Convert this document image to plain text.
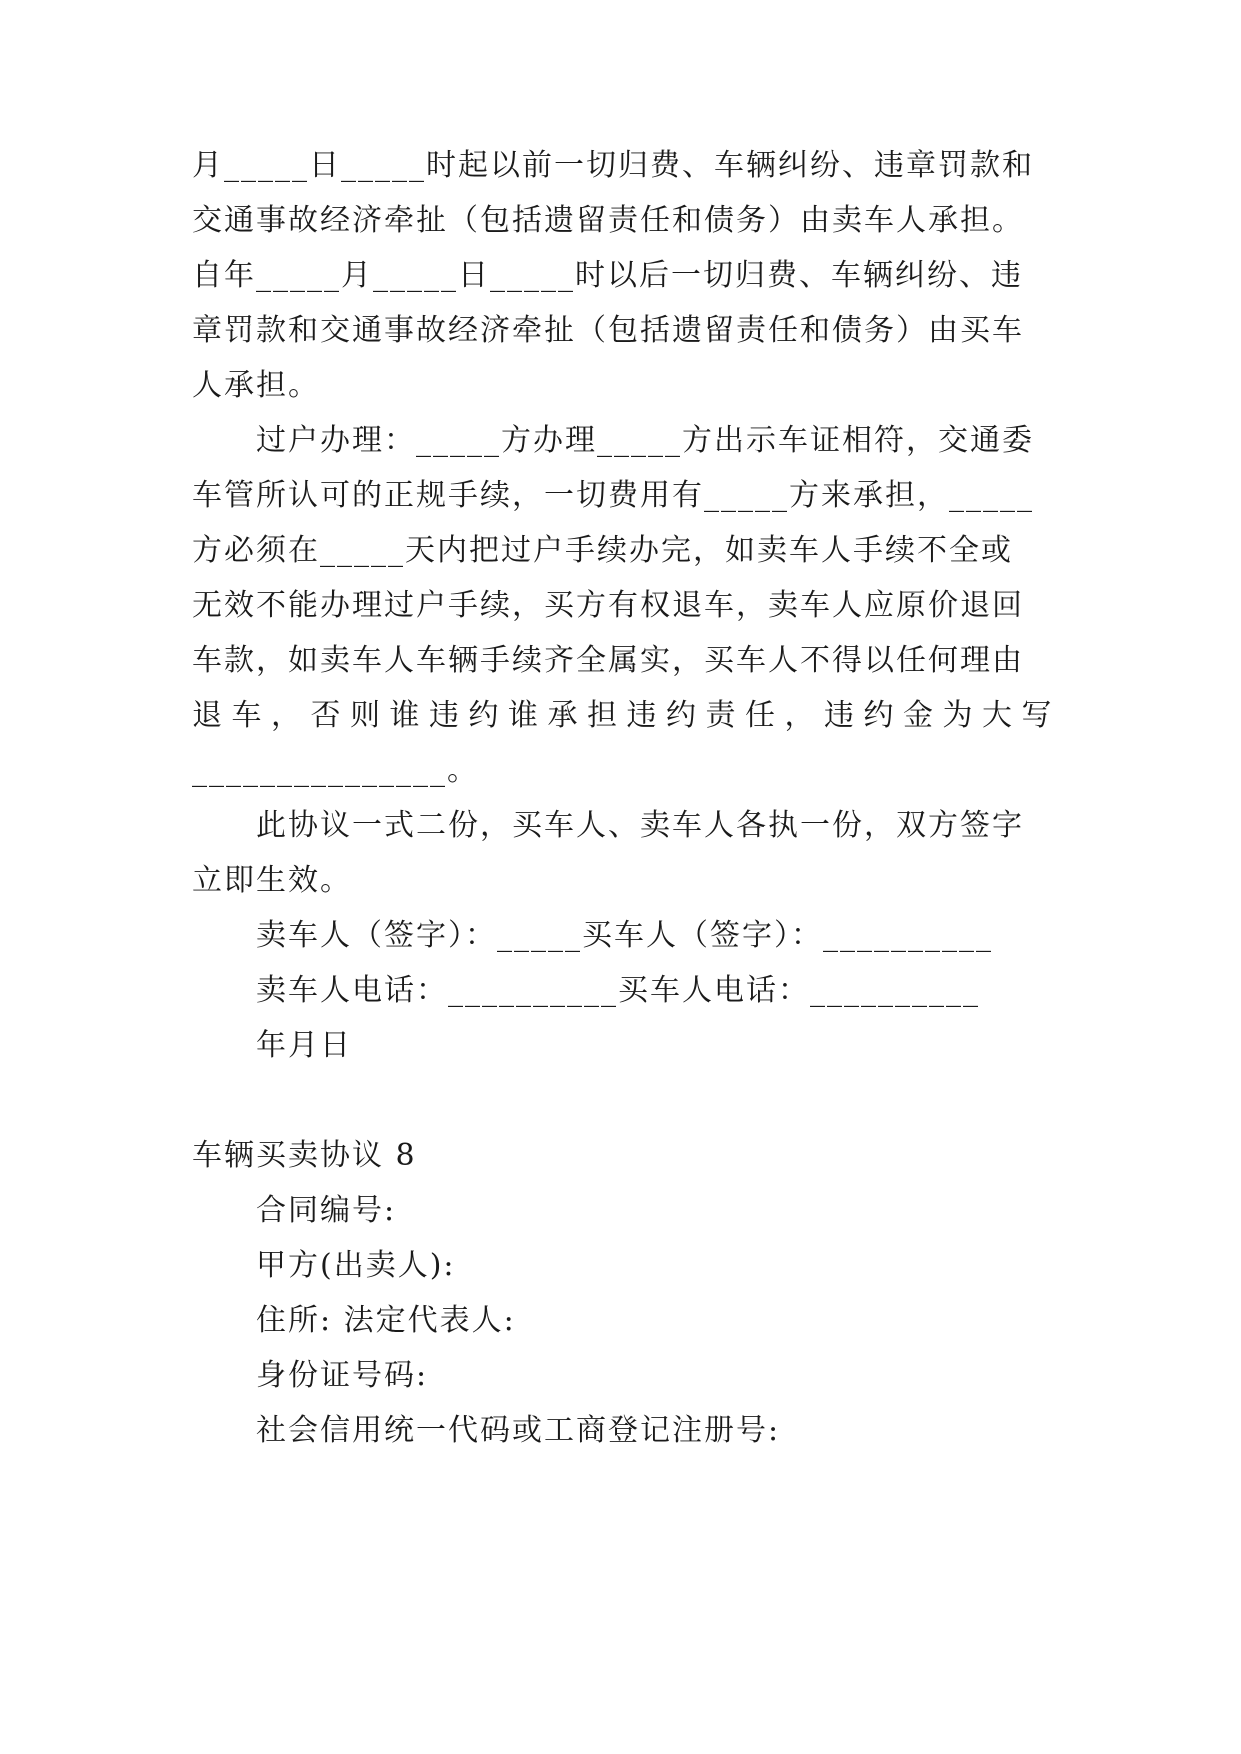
月_____日_____时起以前一切归费、车辆纠纷、违章罚款和
交通事故经济牵扯（包括遗留责任和债务）由卖车人承担。
自年_____月_____日_____时以后一切归费、车辆纠纷、违
章罚款和交通事故经济牵扯（包括遗留责任和债务）由买车
人承担。
过户办理：_____方办理_____方出示车证相符，交通委
车管所认可的正规手续，一切费用有_____方来承担，_____
方必须在_____天内把过户手续办完，如卖车人手续不全或
无效不能办理过户手续，买方有权退车，卖车人应原价退回
车款，如卖车人车辆手续齐全属实，买车人不得以任何理由
退车，否则谁违约谁承担违约责任，违约金为大写
_______________。
此协议一式二份，买车人、卖车人各执一份，双方签字
立即生效。
卖车人（签字）：_____买车人（签字）：__________
卖车人电话：__________买车人电话：__________
年月日
车辆买卖协议 8
合同编号:
甲方(出卖人):
住所: 法定代表人:
身份证号码:
社会信用统一代码或工商登记注册号:
